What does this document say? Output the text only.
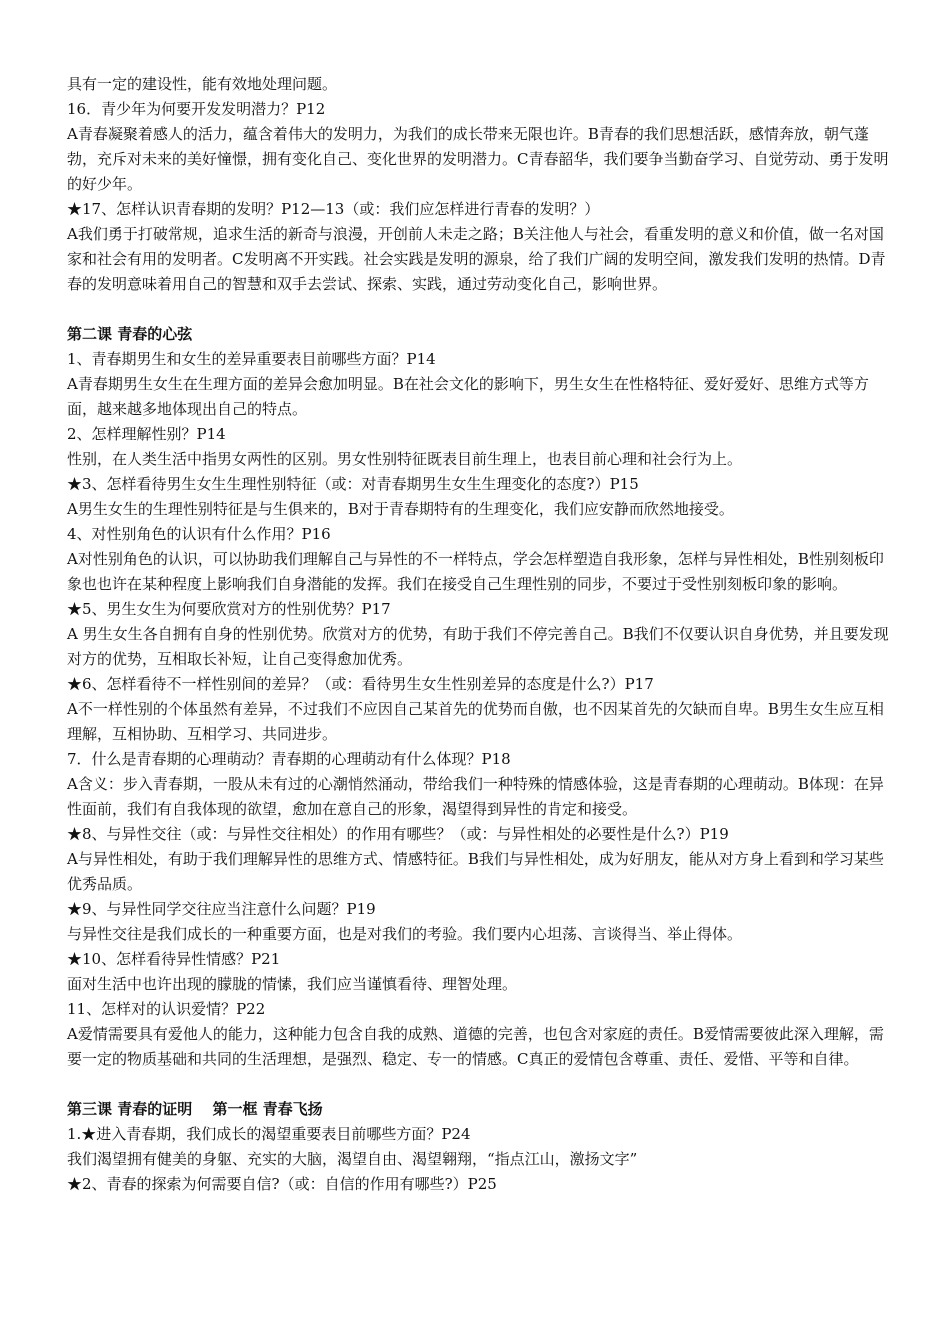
具有一定的建设性，能有效地处理问题。
16．青少年为何要开发发明潜力？P12
A青春凝聚着感人的活力，蕴含着伟大的发明力，为我们的成长带来无限也许。B青春的我们思想活跃，感情奔放，朝气蓬勃，充斥对未来的美好憧憬，拥有变化自己、变化世界的发明潜力。C青春韶华，我们要争当勤奋学习、自觉劳动、勇于发明的好少年。
★17、怎样认识青春期的发明？P12—13（或：我们应怎样进行青春的发明？）
A我们勇于打破常规，追求生活的新奇与浪漫，开创前人未走之路；B关注他人与社会，看重发明的意义和价值，做一名对国家和社会有用的发明者。C发明离不开实践。社会实践是发明的源泉，给了我们广阔的发明空间，激发我们发明的热情。D青春的发明意味着用自己的智慧和双手去尝试、探索、实践，通过劳动变化自己，影响世界。
第二课 青春的心弦
1、青春期男生和女生的差异重要表目前哪些方面？P14
A青春期男生女生在生理方面的差异会愈加明显。B在社会文化的影响下，男生女生在性格特征、爱好爱好、思维方式等方面，越来越多地体现出自己的特点。
2、怎样理解性别？P14
性别，在人类生活中指男女两性的区别。男女性别特征既表目前生理上，也表目前心理和社会行为上。
★3、怎样看待男生女生生理性别特征（或：对青春期男生女生生理变化的态度?）P15
A男生女生的生理性别特征是与生俱来的，B对于青春期特有的生理变化，我们应安静而欣然地接受。
4、对性别角色的认识有什么作用？P16
A对性别角色的认识，可以协助我们理解自己与异性的不一样特点，学会怎样塑造自我形象，怎样与异性相处，B性别刻板印象也也许在某种程度上影响我们自身潜能的发挥。我们在接受自己生理性别的同步，不要过于受性别刻板印象的影响。
★5、男生女生为何要欣赏对方的性别优势？P17
A 男生女生各自拥有自身的性别优势。欣赏对方的优势，有助于我们不停完善自己。B我们不仅要认识自身优势，并且要发现对方的优势，互相取长补短，让自己变得愈加优秀。
★6、怎样看待不一样性别间的差异？（或：看待男生女生性别差异的态度是什么?）P17
A不一样性别的个体虽然有差异，不过我们不应因自己某首先的优势而自傲，也不因某首先的欠缺而自卑。B男生女生应互相理解，互相协助、互相学习、共同进步。
7．什么是青春期的心理萌动？青春期的心理萌动有什么体现？P18
A含义：步入青春期，一股从未有过的心潮悄然涌动，带给我们一种特殊的情感体验，这是青春期的心理萌动。B体现：在异性面前，我们有自我体现的欲望，愈加在意自己的形象，渴望得到异性的肯定和接受。
★8、与异性交往（或：与异性交往相处）的作用有哪些？（或：与异性相处的必要性是什么?）P19
A与异性相处，有助于我们理解异性的思维方式、情感特征。B我们与异性相处，成为好朋友，能从对方身上看到和学习某些优秀品质。
★9、与异性同学交往应当注意什么问题？P19
与异性交往是我们成长的一种重要方面，也是对我们的考验。我们要内心坦荡、言谈得当、举止得体。
★10、怎样看待异性情感？P21
面对生活中也许出现的朦胧的情愫，我们应当谨慎看待、理智处理。
11、怎样对的认识爱情？P22
A爱情需要具有爱他人的能力，这种能力包含自我的成熟、道德的完善，也包含对家庭的责任。B爱情需要彼此深入理解，需要一定的物质基础和共同的生活理想，是强烈、稳定、专一的情感。C真正的爱情包含尊重、责任、爱惜、平等和自律。
第三课 青春的证明　 第一框 青春飞扬
1.★进入青春期，我们成长的渴望重要表目前哪些方面？P24
我们渴望拥有健美的身躯、充实的大脑，渴望自由、渴望翱翔，“指点江山，激扬文字”
★2、青春的探索为何需要自信?（或：自信的作用有哪些?）P25
